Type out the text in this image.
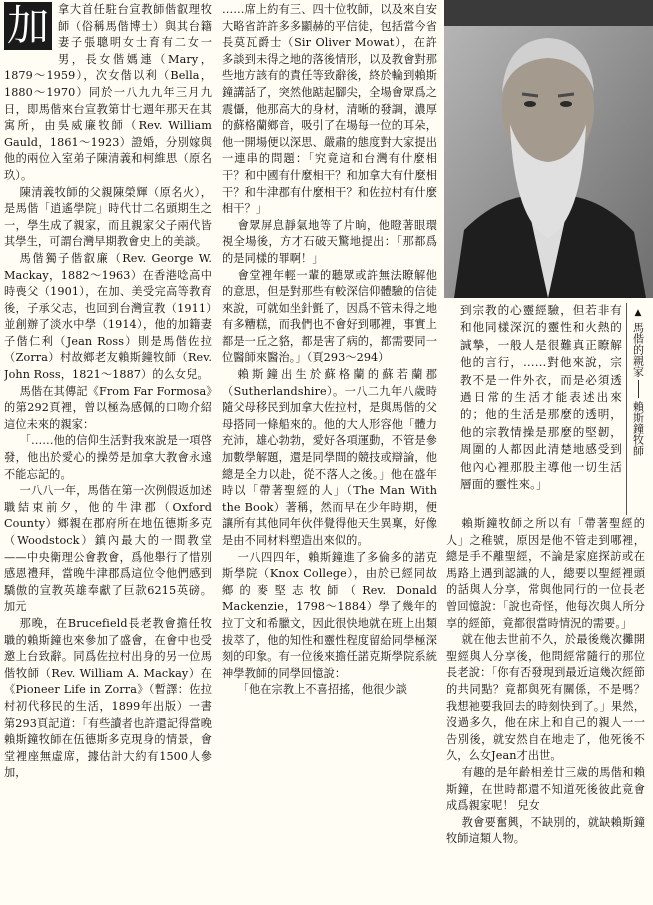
加 拿大首任駐台宣教師偕叡理牧師（俗稱馬偕博士）與其台籍妻子張聰明女士育有二女一男，長女偕媽連（Mary，1879～1959），次女偕以利（Bella，1880～1970）同於一八九九年三月九日，即馬偕來台宣教第廿七週年那天在其寓所，由吳威廉牧師（Rev. William Gauld，1861～1923）證婚，分別嫁與他的兩位入室弟子陳清義和柯維思（原名玖）。

陳清義牧師的父親陳榮輝（原名火），是馬偕「逍遙學院」時代廿二名頭期生之一，學生成了親家，而且親家父子兩代皆其學生，可謂台灣早期教會史上的美談。

馬偕獨子偕叡廉（Rev. George W. Mackay，1882～1963）在香港唸高中時喪父（1901），在加、美受完高等教育後，子承父志，也回到台灣宣教（1911）並創辦了淡水中學（1914），他的加籍妻子偕仁利（Jean Ross）則是馬偕佐拉（Zorra）村故鄉老友賴斯鐘牧師（Rev. John Ross，1821～1887）的么女兒。

馬偕在其傳記《From Far Formosa》的第292頁裡，曾以極為感佩的口吻介紹這位未來的親家：

「……他的信仰生活對我來說是一項啓發，他出於愛心的操勞是加拿大教會永遠不能忘記的。

一八八一年，馬偕在第一次例假返加述職結束前夕，他的牛津郡（Oxford County）鄉親在郡府所在地伍德斯多克（Woodstock）鎮內最大的一間教堂——中央衛理公會教會，爲他舉行了惜別感恩禮拜，當晚牛津郡爲這位令他們感到驕傲的宣教英雄奉獻了巨款6215英磅。加元

那晚，在Brucefield長老教會擔任牧職的賴斯鐘也來參加了盛會，在會中也受邀上台致辭。同爲佐拉村出身的另一位馬偕牧師（Rev. William A. Mackay）在《Pioneer Life in Zorra》（暫譯：佐拉村初代移民的生活，1899年出版）一書第293頁記道：「有些讀者也許還記得當晚賴斯鐘牧師在伍德斯多克現身的情景，會堂裡座無虛席，據估計大約有1500人參加，

……席上約有三、四十位牧師，以及來自安大略省許許多多顯赫的平信徒，包括當今省長莫瓦爵士（Sir Oliver Mowat），在許多談到未得之地的落後情形，以及教會對那些地方該有的責任等致辭後，終於輪到賴斯鐘講話了，突然他踮起腳尖，全場會眾爲之震懾，他那高大的身材，清晰的發調，濃厚的蘇格蘭鄉音，吸引了在場每一位的耳朵，他一開場便以深思、嚴肅的態度對大家提出一連串的問題：「究竟這和台灣有什麼相干？和中國有什麼相干？和加拿大有什麼相干？和牛津郡有什麼相干？和佐拉村有什麼相干？」

會眾屏息靜氣地等了片晌，他瞪著眼環視全場後，方才石破天驚地提出：「那都爲的是同樣的罪啊！」

會堂裡年輕一輩的聽眾或許無法瞭解他的意思，但是對那些有較深信仰體驗的信徒來說，可就如坐針氈了，因爲不管未得之地有多糟糕，而我們也不會好到哪裡，事實上都是一丘之貉，都是害了病的，都需要同一位醫師來醫治。」（頁293～294）

賴斯鐘出生於蘇格蘭的蘇若蘭郡（Sutherlandshire）。一八二九年八歲時隨父母移民到加拿大佐拉村，是與馬偕的父母搭同一條船來的。他的大人形容他「體力充沛，雄心勃勃，愛好各項運動，不管是參加數學解題，還是同學間的競技或辯論，他總是全力以赴，從不落人之後。」他在盛年時以「帶著聖經的人」（The Man With the Book）著稱，然而早在少年時期，便讓所有其他同年伙伴覺得他天生異稟，好像是由不同材料塑造出來似的。

一八四四年，賴斯鐘進了多倫多的諾克斯學院（Knox College），由於已經同故鄉的麥堅志牧師（Rev. Donald Mackenzie，1798～1884）學了幾年的拉丁文和希臘文，因此很快地就在班上出類拔萃了，他的知性和靈性程度留給同學極深刻的印象。有一位後來擔任諾克斯學院系統神學教師的同學回憶說：

「他在宗教上不喜招搖，他很少談

到宗教的心靈經驗，但若非有和他同樣深沉的靈性和火熱的誠摯，一般人是很難真正瞭解他的言行，……對他來說，宗教不是一件外衣，而是必須透過日常的生活才能表述出來的；他的生活是那麼的透明，他的宗教情操是那麼的堅韌，周圍的人都因此清楚地感受到他內心裡那股主導他一切生活層面的靈性來。」

▲
馬偕的親家
賴斯鐘牧師

賴斯鐘牧師之所以有「帶著聖經的人」之稚號，原因是他不管走到哪裡，總是手不離聖經，不論是家庭探訪或在馬路上遇到認識的人，總要以聖經裡頭的話與人分享，常與他同行的一位長老曾回憶說：「說也奇怪，他每次與人所分享的經節，竟都很當時情況的需要。」

就在他去世前不久，於最後幾次攤開聖經與人分享後，他問經常隨行的那位長老說：「你有否發現到最近這幾次經節的共同點？竟都與死有關係，不是嗎？我想祂要我回去的時刻快到了。」果然，沒過多久，他在床上和自己的親人一一告別後，就安然自在地走了，他死後不久，么女Jean才出世。

有趣的是年齡相差廿三歲的馬偕和賴斯鐘，在世時都還不知道死後彼此竟會成爲親家呢！ 兒女

教會要奮興，不缺別的，就缺賴斯鐘牧師這類人物。
